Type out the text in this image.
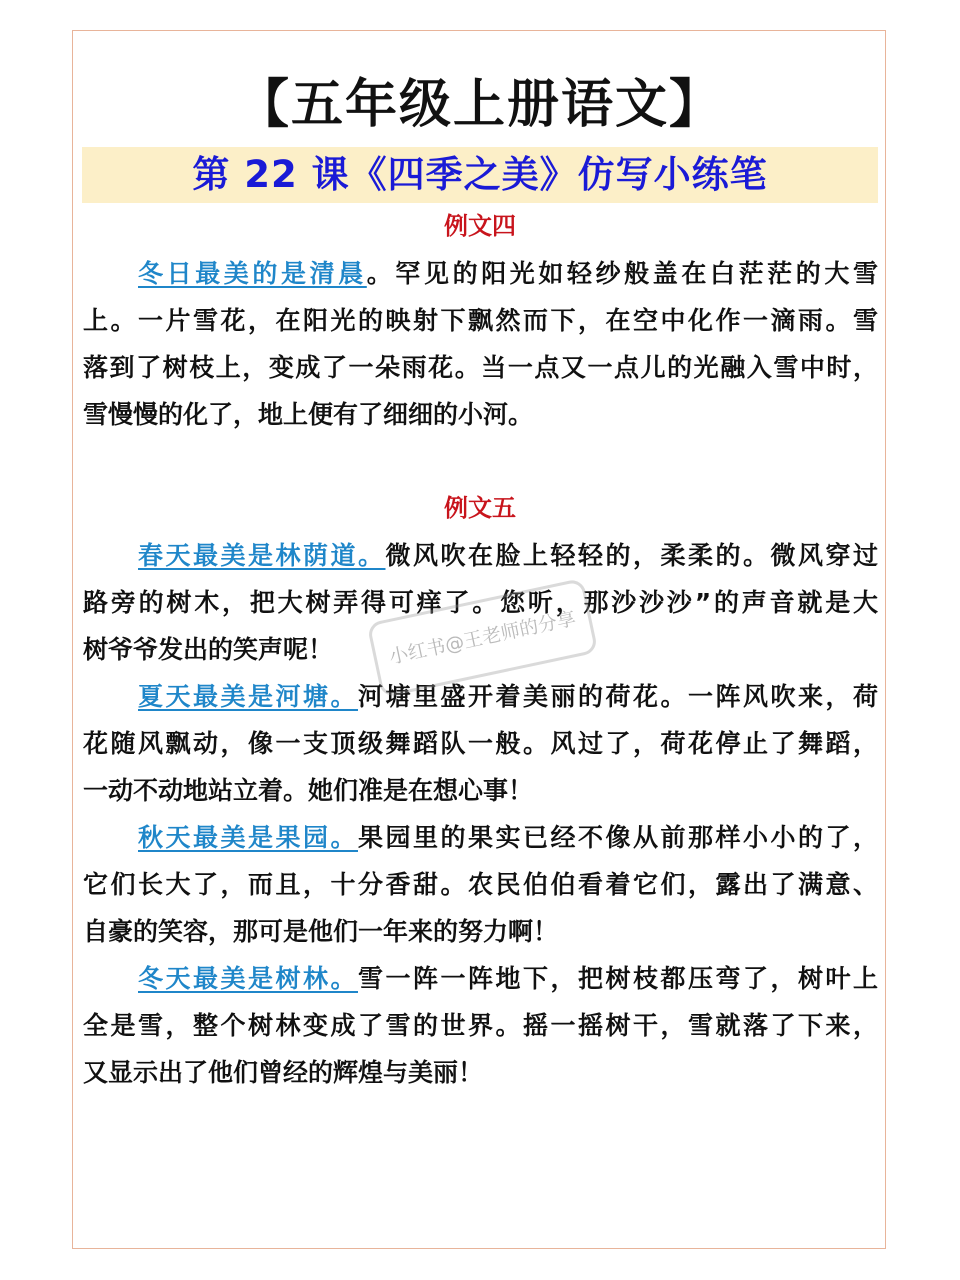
【五年级上册语文】
第 22 课《四季之美》仿写小练笔
例文四
冬日最美的是清晨。罕见的阳光如轻纱般盖在白茫茫的大雪
上。一片雪花，在阳光的映射下飘然而下，在空中化作一滴雨。雪
落到了树枝上，变成了一朵雨花。当一点又一点儿的光融入雪中时，
雪慢慢的化了，地上便有了细细的小河。
例文五
春天最美是林荫道。微风吹在脸上轻轻的，柔柔的。微风穿过
路旁的树木，把大树弄得可痒了。您听，那沙沙沙”的声音就是大
树爷爷发出的笑声呢！
夏天最美是河塘。河塘里盛开着美丽的荷花。一阵风吹来，荷
花随风飘动，像一支顶级舞蹈队一般。风过了，荷花停止了舞蹈，
一动不动地站立着。她们准是在想心事！
秋天最美是果园。果园里的果实已经不像从前那样小小的了，
它们长大了，而且，十分香甜。农民伯伯看着它们，露出了满意、
自豪的笑容，那可是他们一年来的努力啊！
冬天最美是树林。雪一阵一阵地下，把树枝都压弯了，树叶上
全是雪，整个树林变成了雪的世界。摇一摇树干，雪就落了下来，
又显示出了他们曾经的辉煌与美丽！
小红书@王老师的分享
